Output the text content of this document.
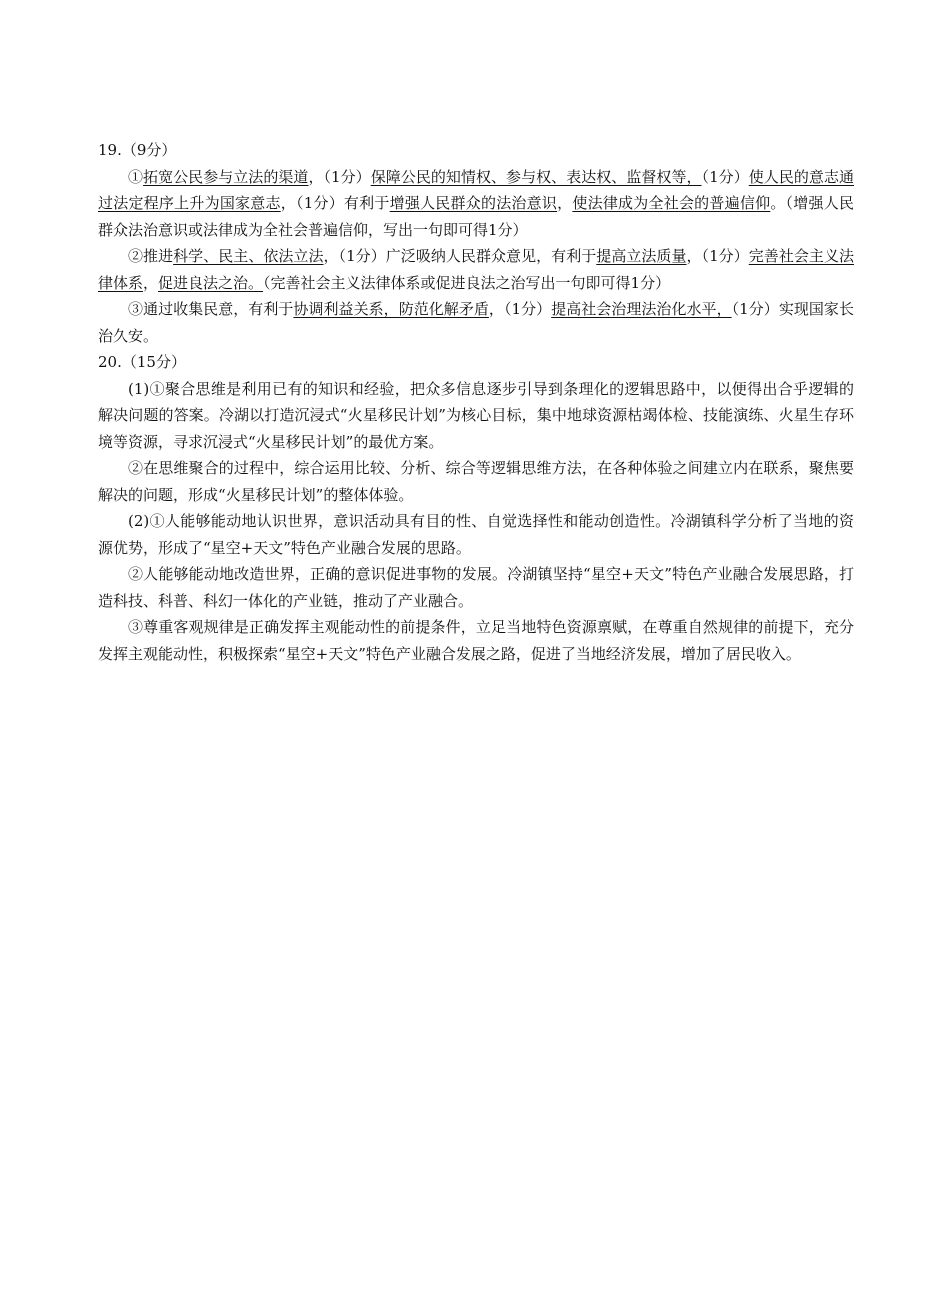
19.（9分）

①拓宽公民参与立法的渠道，（1分）保障公民的知情权、参与权、表达权、监督权等，（1分）使人民的意志通过法定程序上升为国家意志，（1分）有利于增强人民群众的法治意识，使法律成为全社会的普遍信仰。（增强人民群众法治意识或法律成为全社会普遍信仰，写出一句即可得1分）

②推进科学、民主、依法立法，（1分）广泛吸纳人民群众意见，有利于提高立法质量，（1分）完善社会主义法律体系，促进良法之治。（完善社会主义法律体系或促进良法之治写出一句即可得1分）

③通过收集民意，有利于协调利益关系，防范化解矛盾，（1分）提高社会治理法治化水平，（1分）实现国家长治久安。

20.（15分）

(1)①聚合思维是利用已有的知识和经验，把众多信息逐步引导到条理化的逻辑思路中，以便得出合乎逻辑的解决问题的答案。冷湖以打造沉浸式“火星移民计划”为核心目标，集中地球资源枯竭体检、技能演练、火星生存环境等资源，寻求沉浸式“火星移民计划”的最优方案。

②在思维聚合的过程中，综合运用比较、分析、综合等逻辑思维方法，在各种体验之间建立内在联系，聚焦要解决的问题，形成“火星移民计划”的整体体验。

(2)①人能够能动地认识世界，意识活动具有目的性、自觉选择性和能动创造性。冷湖镇科学分析了当地的资源优势，形成了“星空+天文”特色产业融合发展的思路。

②人能够能动地改造世界，正确的意识促进事物的发展。冷湖镇坚持“星空+天文”特色产业融合发展思路，打造科技、科普、科幻一体化的产业链，推动了产业融合。

③尊重客观规律是正确发挥主观能动性的前提条件，立足当地特色资源禀赋，在尊重自然规律的前提下，充分发挥主观能动性，积极探索“星空+天文”特色产业融合发展之路，促进了当地经济发展，增加了居民收入。
